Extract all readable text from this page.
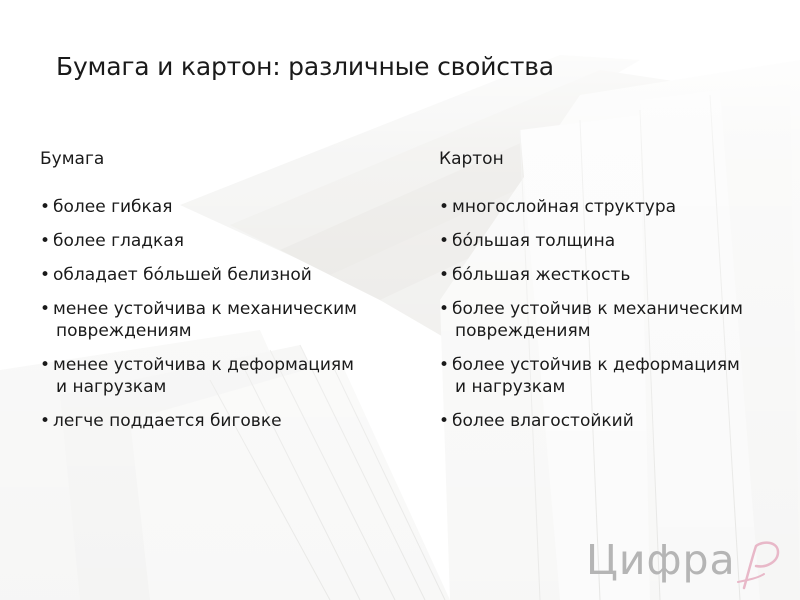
Бумага и картон: различные свойства
Бумага
• более гибкая
• более гладкая
• обладает бóльшей белизной
• менее устойчива к механическим
повреждениям
• менее устойчива к деформациям
и нагрузкам
• легче поддается биговке
Картон
• многослойная структура
• бóльшая толщина
• бóльшая жесткость
• более устойчив к механическим
повреждениям
• более устойчив к деформациям
и нагрузкам
• более влагостойкий
Цифра
